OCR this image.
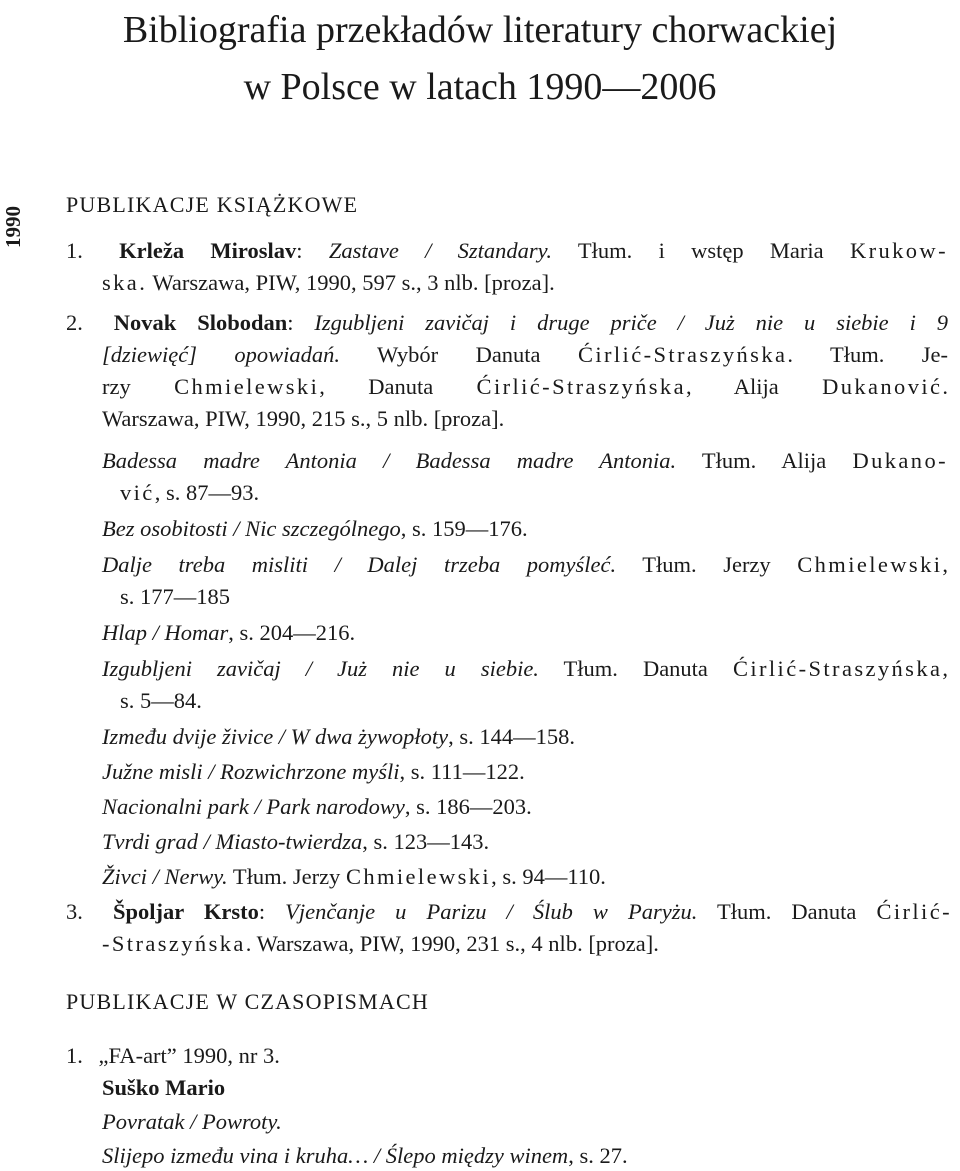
Bibliografia przekładów literatury chorwackiej
w Polsce w latach 1990—2006
1990
PUBLIKACJE KSIĄŻKOWE
1. Krleža Miroslav: Zastave / Sztandary. Tłum. i wstęp Maria Krukow-
ska. Warszawa, PIW, 1990, 597 s., 3 nlb. [proza].
2. Novak Slobodan: Izgubljeni zavičaj i druge priče / Już nie u siebie i 9
[dziewięć] opowiadań. Wybór Danuta Ćirlić-Straszyńska. Tłum. Je-
rzy Chmielewski, Danuta Ćirlić-Straszyńska, Alija Dukanović.
Warszawa, PIW, 1990, 215 s., 5 nlb. [proza].
Badessa madre Antonia / Badessa madre Antonia. Tłum. Alija Dukano-
vić, s. 87—93.
Bez osobitosti / Nic szczególnego, s. 159—176.
Dalje treba misliti / Dalej trzeba pomyśleć. Tłum. Jerzy Chmielewski,
s. 177—185
Hlap / Homar, s. 204—216.
Izgubljeni zavičaj / Już nie u siebie. Tłum. Danuta Ćirlić-Straszyńska,
s. 5—84.
Između dvije živice / W dwa żywopłoty, s. 144—158.
Južne misli / Rozwichrzone myśli, s. 111—122.
Nacionalni park / Park narodowy, s. 186—203.
Tvrdi grad / Miasto-twierdza, s. 123—143.
Živci / Nerwy. Tłum. Jerzy Chmielewski, s. 94—110.
3. Špoljar Krsto: Vjenčanje u Parizu / Ślub w Paryżu. Tłum. Danuta Ćirlić-
-Straszyńska. Warszawa, PIW, 1990, 231 s., 4 nlb. [proza].
PUBLIKACJE W CZASOPISMACH
1. „FA-art” 1990, nr 3.
Suško Mario
Povratak / Powroty.
Slijepo između vina i kruha… / Ślepo między winem, s. 27.
